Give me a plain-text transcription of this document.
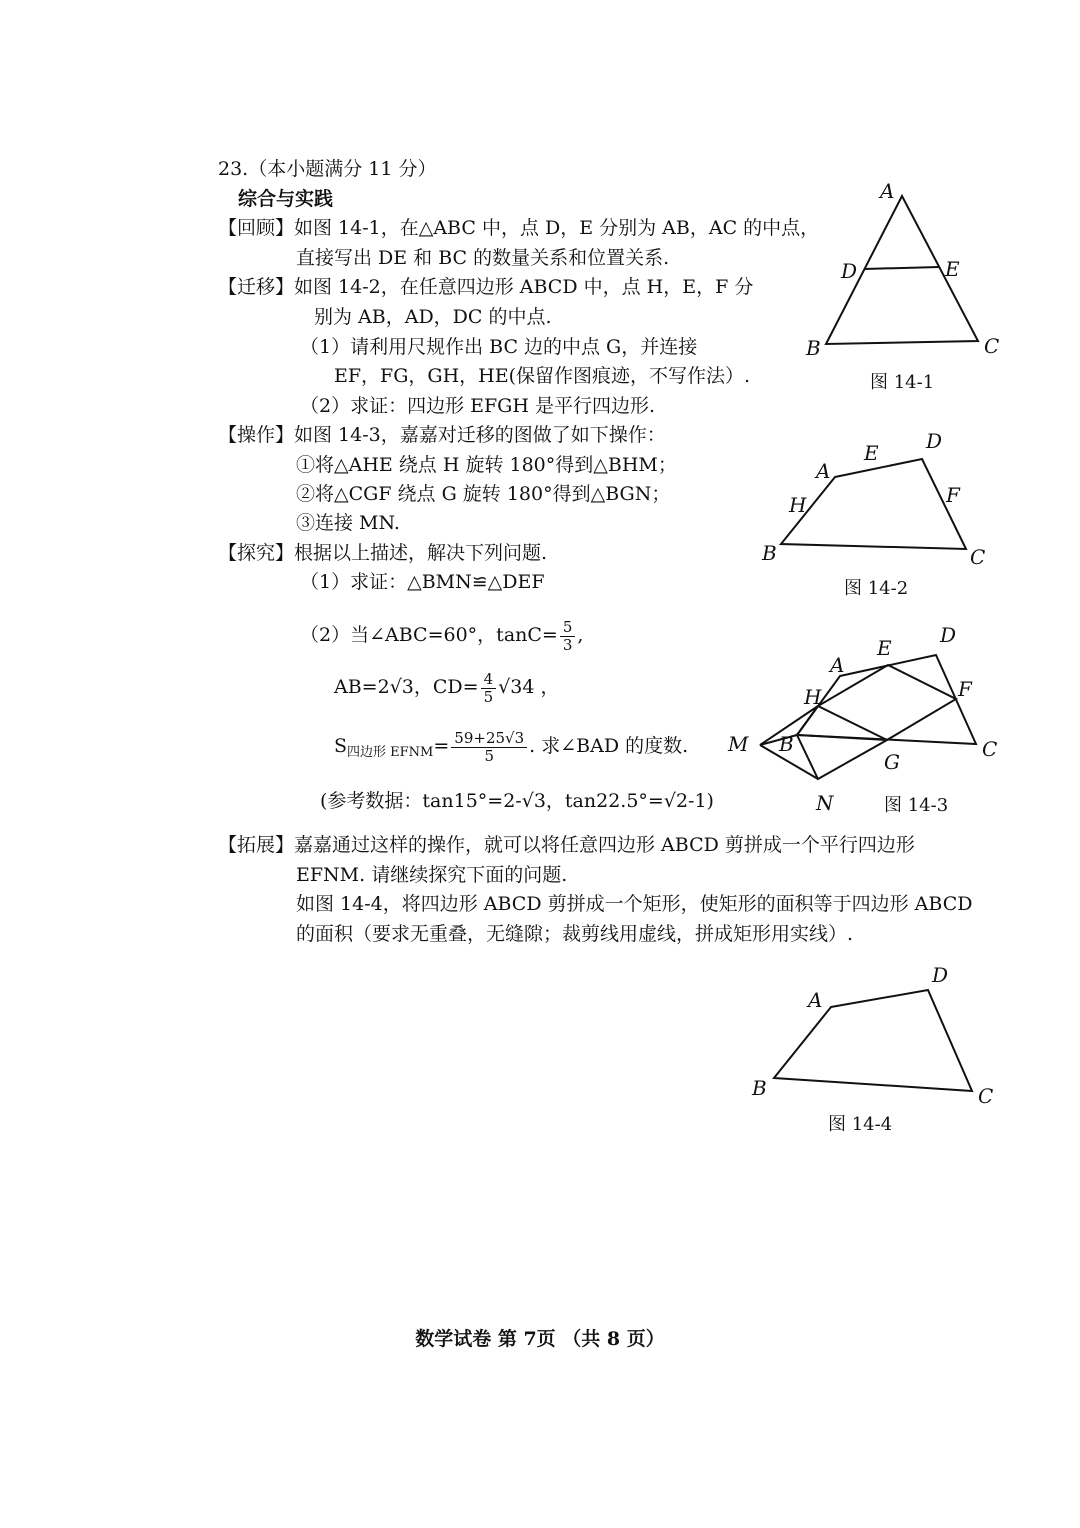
23.（本小题满分 11 分）
综合与实践
【回顾】如图 14-1，在△ABC 中，点 D，E 分别为 AB，AC 的中点，
直接写出 DE 和 BC 的数量关系和位置关系.
【迁移】如图 14-2，在任意四边形 ABCD 中，点 H，E，F 分
别为 AB，AD，DC 的中点.
（1）请利用尺规作出 BC 边的中点 G，并连接
EF，FG，GH，HE(保留作图痕迹，不写作法）.
（2）求证：四边形 EFGH 是平行四边形.
【操作】如图 14-3，嘉嘉对迁移的图做了如下操作：
①将△AHE 绕点 H 旋转 180°得到△BHM；
②将△CGF 绕点 G 旋转 180°得到△BGN；
③连接 MN.
【探究】根据以上描述，解决下列问题.
（1）求证：△BMN≌△DEF
（2）当∠ABC=60°，$\tan C= \frac{5}{3}$ ,
AB=2√3，$CD= \frac{4}{5} √34$ ，
$S_{四边形 EFNM}= \frac{59+25√3}{5}$ . 求∠BAD 的度数.
(参考数据：tan15°=2-√3，tan22.5°=√2-1)
【拓展】嘉嘉通过这样的操作，就可以将任意四边形 ABCD 剪拼成一个平行四边形
EFNM. 请继续探究下面的问题.
如图 14-4，将四边形 ABCD 剪拼成一个矩形，使矩形的面积等于四边形 ABCD
的面积（要求无重叠，无缝隙；裁剪线用虚线，拼成矩形用实线）.
A
D	E
B	C
图 14-1
A
E D
H	F
B	C
图 14-2
A
E
D
H	F
M B	C
G
N	图 14-3
A
D
B	C
图 14-4
数学试卷 第 7页 （共 8 页）
